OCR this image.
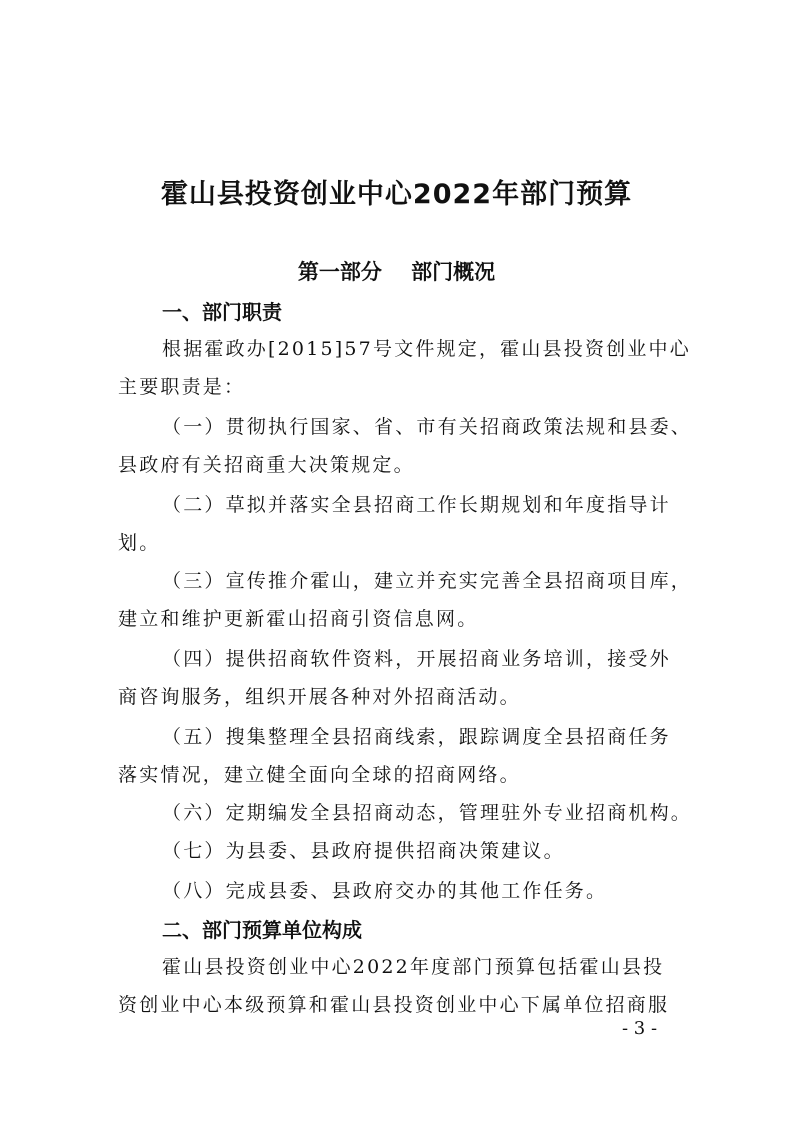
霍山县投资创业中心2022年部门预算
第一部分    部门概况
一、部门职责
根据霍政办[2015]57号文件规定，霍山县投资创业中心
主要职责是：
（一）贯彻执行国家、省、市有关招商政策法规和县委、
县政府有关招商重大决策规定。
（二）草拟并落实全县招商工作长期规划和年度指导计
划。
（三）宣传推介霍山，建立并充实完善全县招商项目库，
建立和维护更新霍山招商引资信息网。
（四）提供招商软件资料，开展招商业务培训，接受外
商咨询服务，组织开展各种对外招商活动。
（五）搜集整理全县招商线索，跟踪调度全县招商任务
落实情况，建立健全面向全球的招商网络。
（六）定期编发全县招商动态，管理驻外专业招商机构。
（七）为县委、县政府提供招商决策建议。
（八）完成县委、县政府交办的其他工作任务。
二、部门预算单位构成
霍山县投资创业中心2022年度部门预算包括霍山县投
资创业中心本级预算和霍山县投资创业中心下属单位招商服
- 3 -
